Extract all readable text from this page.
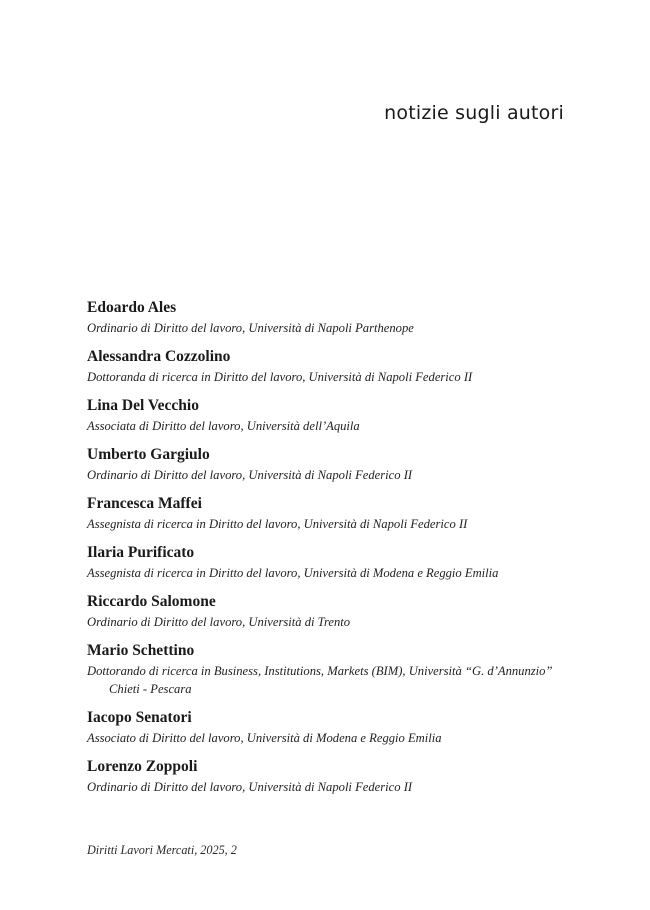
notizie sugli autori
Edoardo Ales
Ordinario di Diritto del lavoro, Università di Napoli Parthenope
Alessandra Cozzolino
Dottoranda di ricerca in Diritto del lavoro, Università di Napoli Federico II
Lina Del Vecchio
Associata di Diritto del lavoro, Università dell’Aquila
Umberto Gargiulo
Ordinario di Diritto del lavoro, Università di Napoli Federico II
Francesca Maffei
Assegnista di ricerca in Diritto del lavoro, Università di Napoli Federico II
Ilaria Purificato
Assegnista di ricerca in Diritto del lavoro, Università di Modena e Reggio Emilia
Riccardo Salomone
Ordinario di Diritto del lavoro, Università di Trento
Mario Schettino
Dottorando di ricerca in Business, Institutions, Markets (BIM), Università “G. d’Annunzio” Chieti - Pescara
Iacopo Senatori
Associato di Diritto del lavoro, Università di Modena e Reggio Emilia
Lorenzo Zoppoli
Ordinario di Diritto del lavoro, Università di Napoli Federico II

Diritti Lavori Mercati, 2025, 2
